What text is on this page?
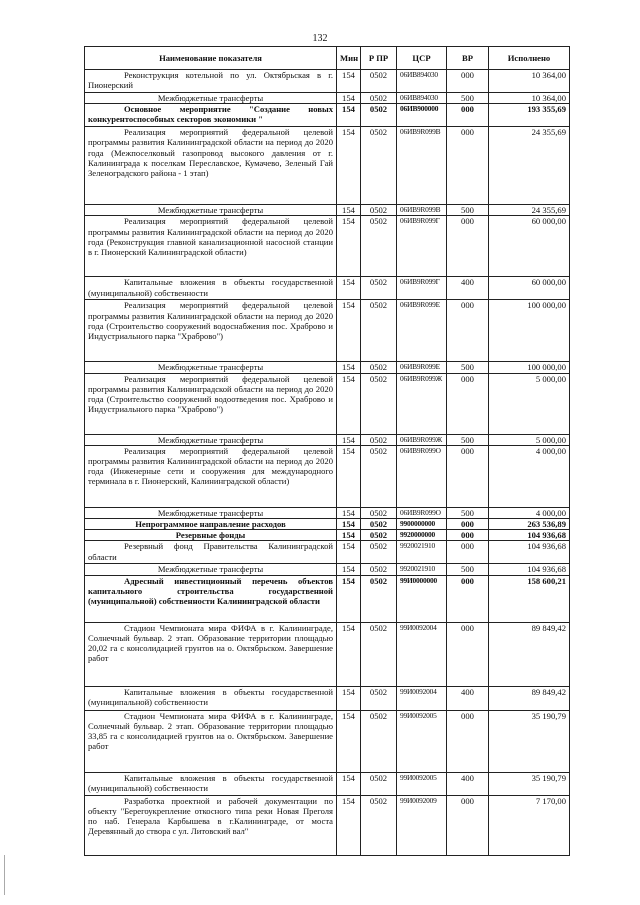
132
Наименование показателя	Мин	Р ПР	ЦСР	ВР	Исполнено
Реконструкция котельной по ул. Октябрьская в г. Пионерский	154	0502	06ИВ894030	000	10 364,00
Межбюджетные трансферты	154	0502	06ИВ894030	500	10 364,00
Основное мероприятие "Создание новых конкурентоспособных секторов экономики "	154	0502	06ИВ900000	000	193 355,69
Реализация мероприятий федеральной целевой программы развития Калининградской области на период до 2020 года (Межпоселковый газопровод высокого давления от г. Калининграда к поселкам Переславское, Кумачево, Зеленый Гай Зеленоградского района - 1 этап)	154	0502	06ИВ9R099В	000	24 355,69
Межбюджетные трансферты	154	0502	06ИВ9R099В	500	24 355,69
Реализация мероприятий федеральной целевой программы развития Калининградской области на период до 2020 года (Реконструкция главной канализационной насосной станции в г. Пионерский Калининградской области)	154	0502	06ИВ9R099Г	000	60 000,00
Капитальные вложения в объекты государственной (муниципальной) собственности	154	0502	06ИВ9R099Г	400	60 000,00
Реализация мероприятий федеральной целевой программы развития Калининградской области на период до 2020 года (Строительство сооружений водоснабжения пос. Храброво и Индустриального парка "Храброво")	154	0502	06ИВ9R099Е	000	100 000,00
Межбюджетные трансферты	154	0502	06ИВ9R099Е	500	100 000,00
Реализация мероприятий федеральной целевой программы развития Калининградской области на период до 2020 года (Строительство сооружений водоотведения пос. Храброво и Индустриального парка "Храброво")	154	0502	06ИВ9R099Ж	000	5 000,00
Межбюджетные трансферты	154	0502	06ИВ9R099Ж	500	5 000,00
Реализация мероприятий федеральной целевой программы развития Калининградской области на период до 2020 года (Инженерные сети и сооружения для международного терминала в г. Пионерский, Калининградской области)	154	0502	06ИВ9R099О	000	4 000,00
Межбюджетные трансферты	154	0502	06ИВ9R099О	500	4 000,00
Непрограммное направление расходов	154	0502	9900000000	000	263 536,89
Резервные фонды	154	0502	9920000000	000	104 936,68
Резервный фонд Правительства Калининградской области	154	0502	9920021910	000	104 936,68
Межбюджетные трансферты	154	0502	9920021910	500	104 936,68
Адресный инвестиционный перечень объектов капитального строительства государственной (муниципальной) собственности Калининградской области	154	0502	99И0000000	000	158 600,21
Стадион Чемпионата мира ФИФА в г. Калининграде, Солнечный бульвар. 2 этап. Образование территории площадью 20,02 га с консолидацией грунтов на о. Октябрьском. Завершение работ	154	0502	99И0092004	000	89 849,42
Капитальные вложения в объекты государственной (муниципальной) собственности	154	0502	99И0092004	400	89 849,42
Стадион Чемпионата мира ФИФА в г. Калининграде, Солнечный бульвар. 2 этап. Образование территории площадью 33,85 га с консолидацией грунтов на о. Октябрьском. Завершение работ	154	0502	99И0092005	000	35 190,79
Капитальные вложения в объекты государственной (муниципальной) собственности	154	0502	99И0092005	400	35 190,79
Разработка проектной и рабочей документации по объекту "Берегоукрепление откосного типа реки Новая Преголя по наб. Генерала Карбышева в г.Калининграде, от моста Деревянный до створа с ул. Литовский вал"	154	0502	99И0092009	000	7 170,00
